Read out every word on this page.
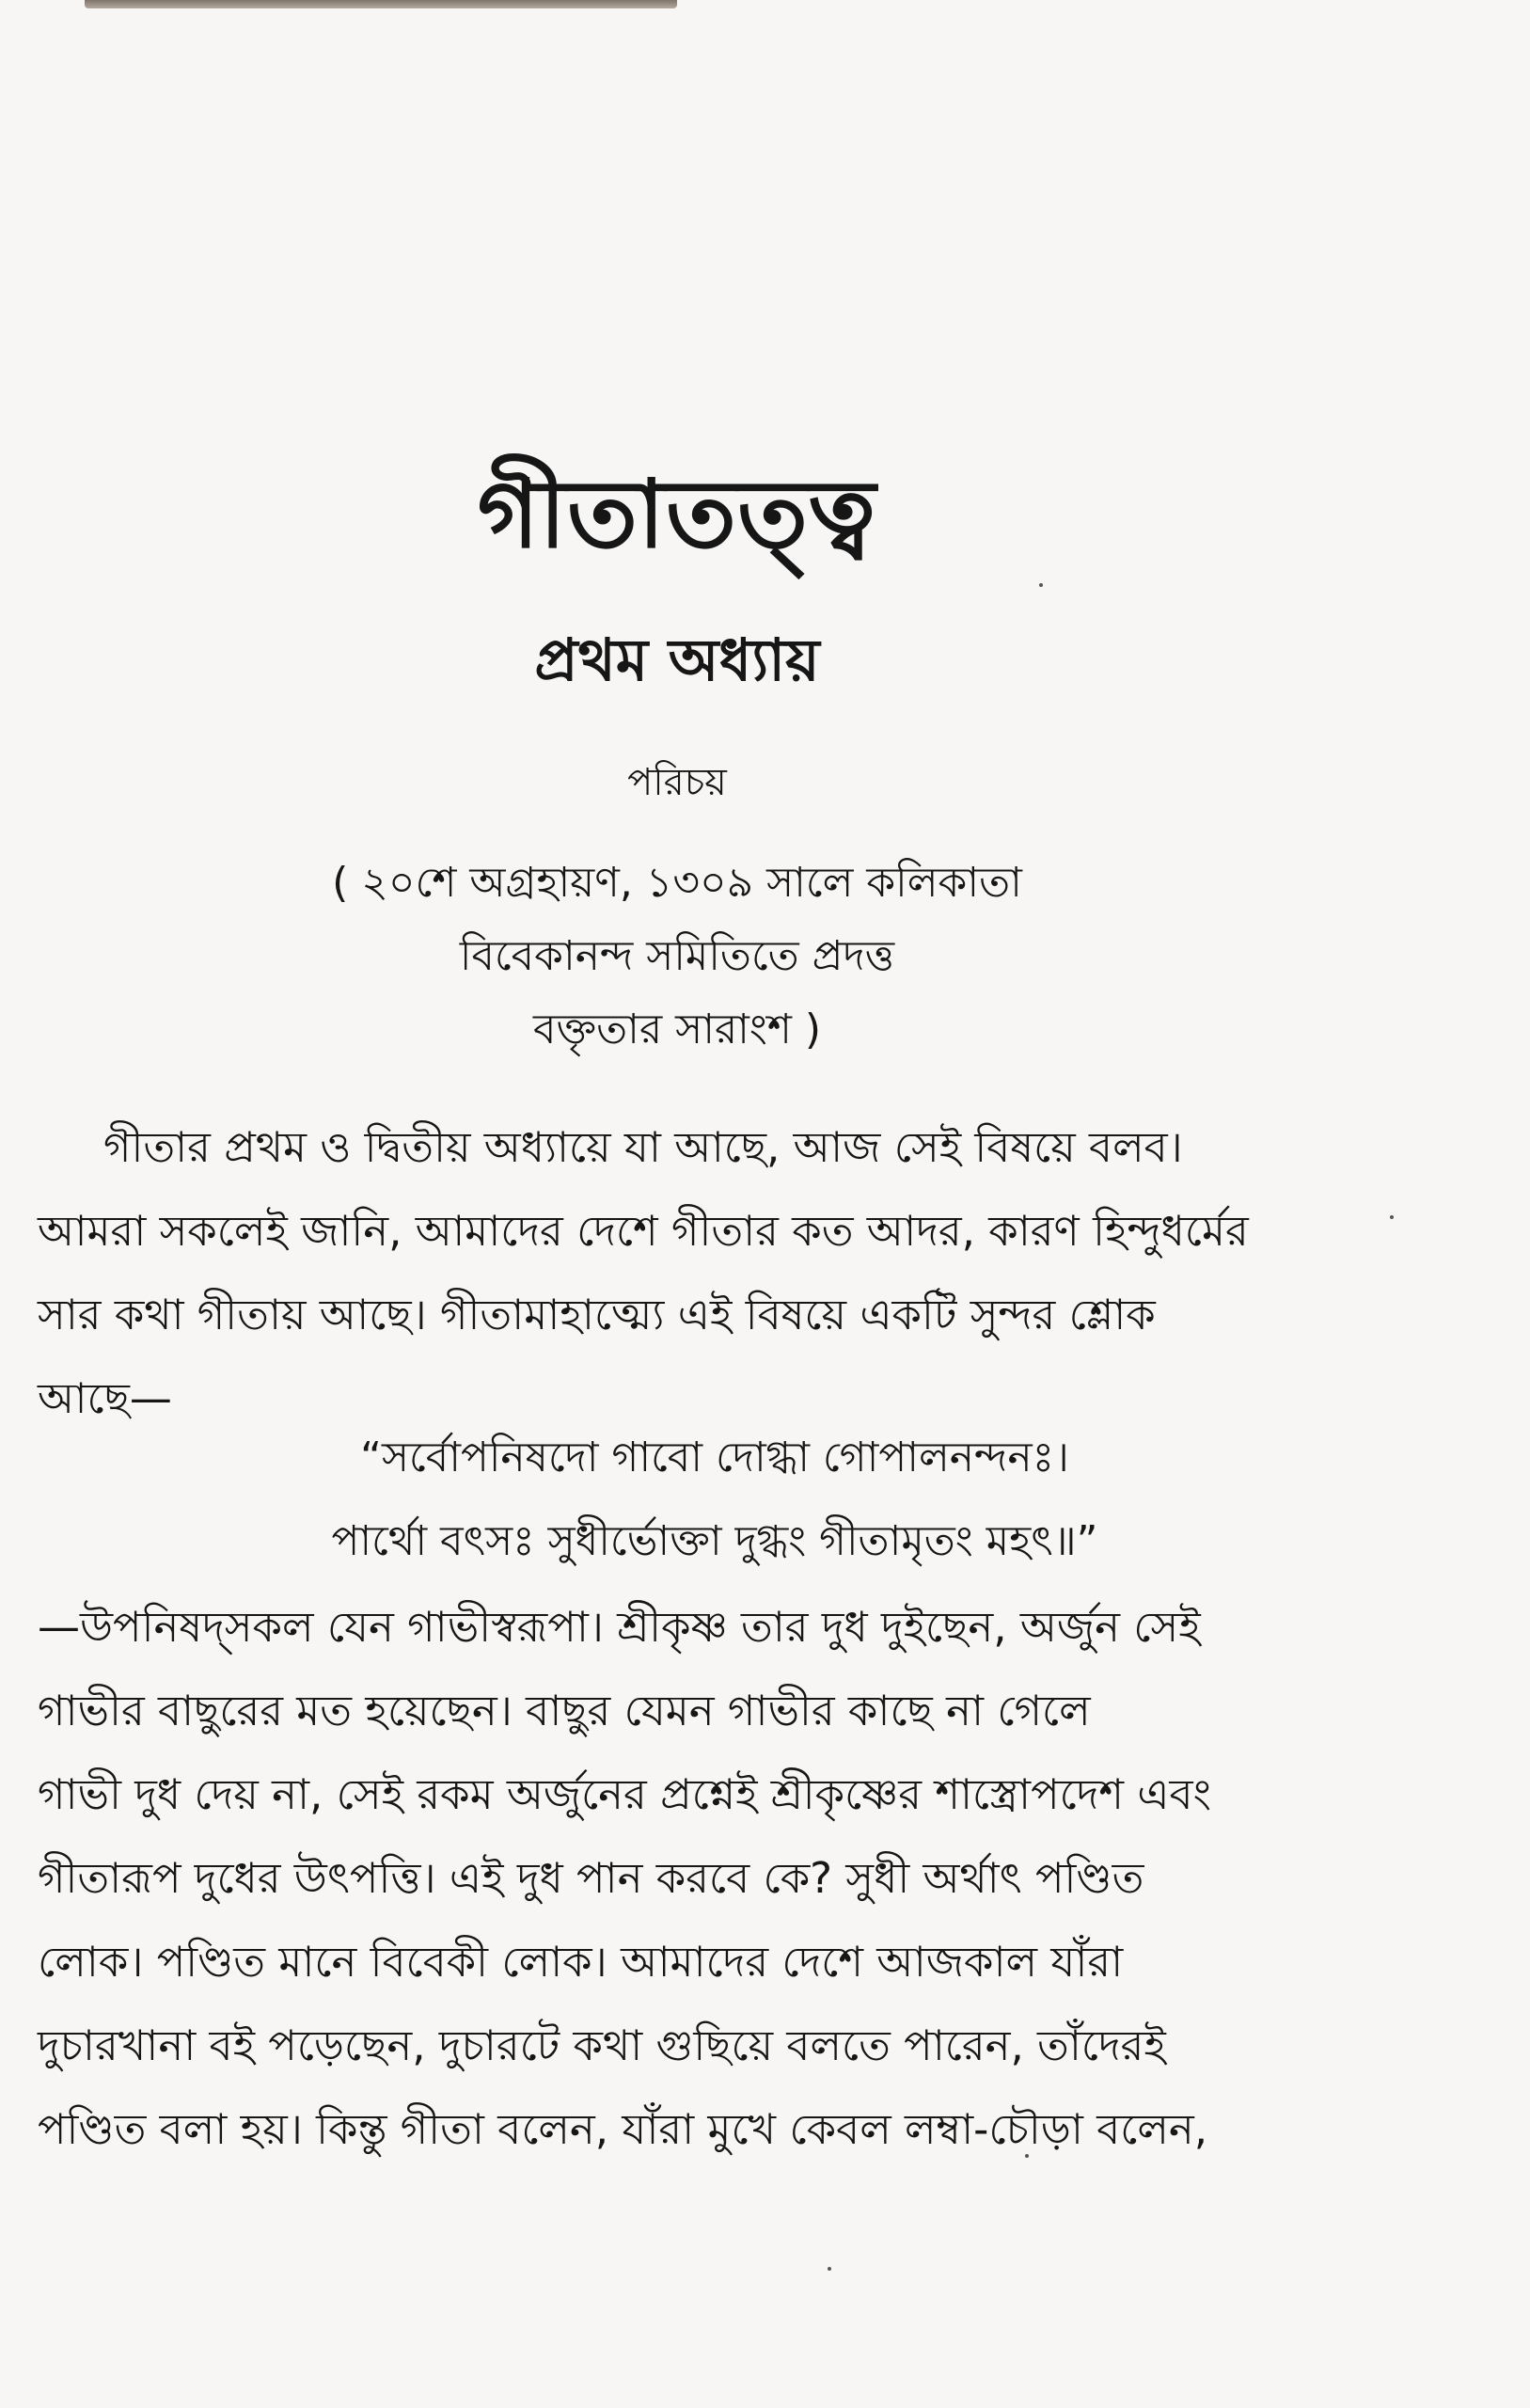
গীতাতত্ত্ব
প্রথম অধ্যায়
পরিচয়
( ২০শে অগ্রহায়ণ, ১৩০৯ সালে কলিকাতা
বিবেকানন্দ সমিতিতে প্রদত্ত
বক্তৃতার সারাংশ )
গীতার প্রথম ও দ্বিতীয় অধ্যায়ে যা আছে, আজ সেই বিষয়ে বলব।
আমরা সকলেই জানি, আমাদের দেশে গীতার কত আদর, কারণ হিন্দুধর্মের
সার কথা গীতায় আছে। গীতামাহাত্ম্যে এই বিষয়ে একটি সুন্দর শ্লোক
আছে—
“সর্বোপনিষদো গাবো দোগ্ধা গোপালনন্দনঃ।
পার্থো বৎসঃ সুধীর্ভোক্তা দুগ্ধং গীতামৃতং মহৎ॥”
—উপনিষদ্‌সকল যেন গাভীস্বরূপা। শ্রীকৃষ্ণ তার দুধ দুইছেন, অর্জুন সেই
গাভীর বাছুরের মত হয়েছেন। বাছুর যেমন গাভীর কাছে না গেলে
গাভী দুধ দেয় না, সেই রকম অর্জুনের প্রশ্নেই শ্রীকৃষ্ণের শাস্ত্রোপদেশ এবং
গীতারূপ দুধের উৎপত্তি। এই দুধ পান করবে কে? সুধী অর্থাৎ পণ্ডিত
লোক। পণ্ডিত মানে বিবেকী লোক। আমাদের দেশে আজকাল যাঁরা
দুচারখানা বই পড়েছেন, দুচারটে কথা গুছিয়ে বলতে পারেন, তাঁদেরই
পণ্ডিত বলা হয়। কিন্তু গীতা বলেন, যাঁরা মুখে কেবল লম্বা-চৌড়া বলেন,
